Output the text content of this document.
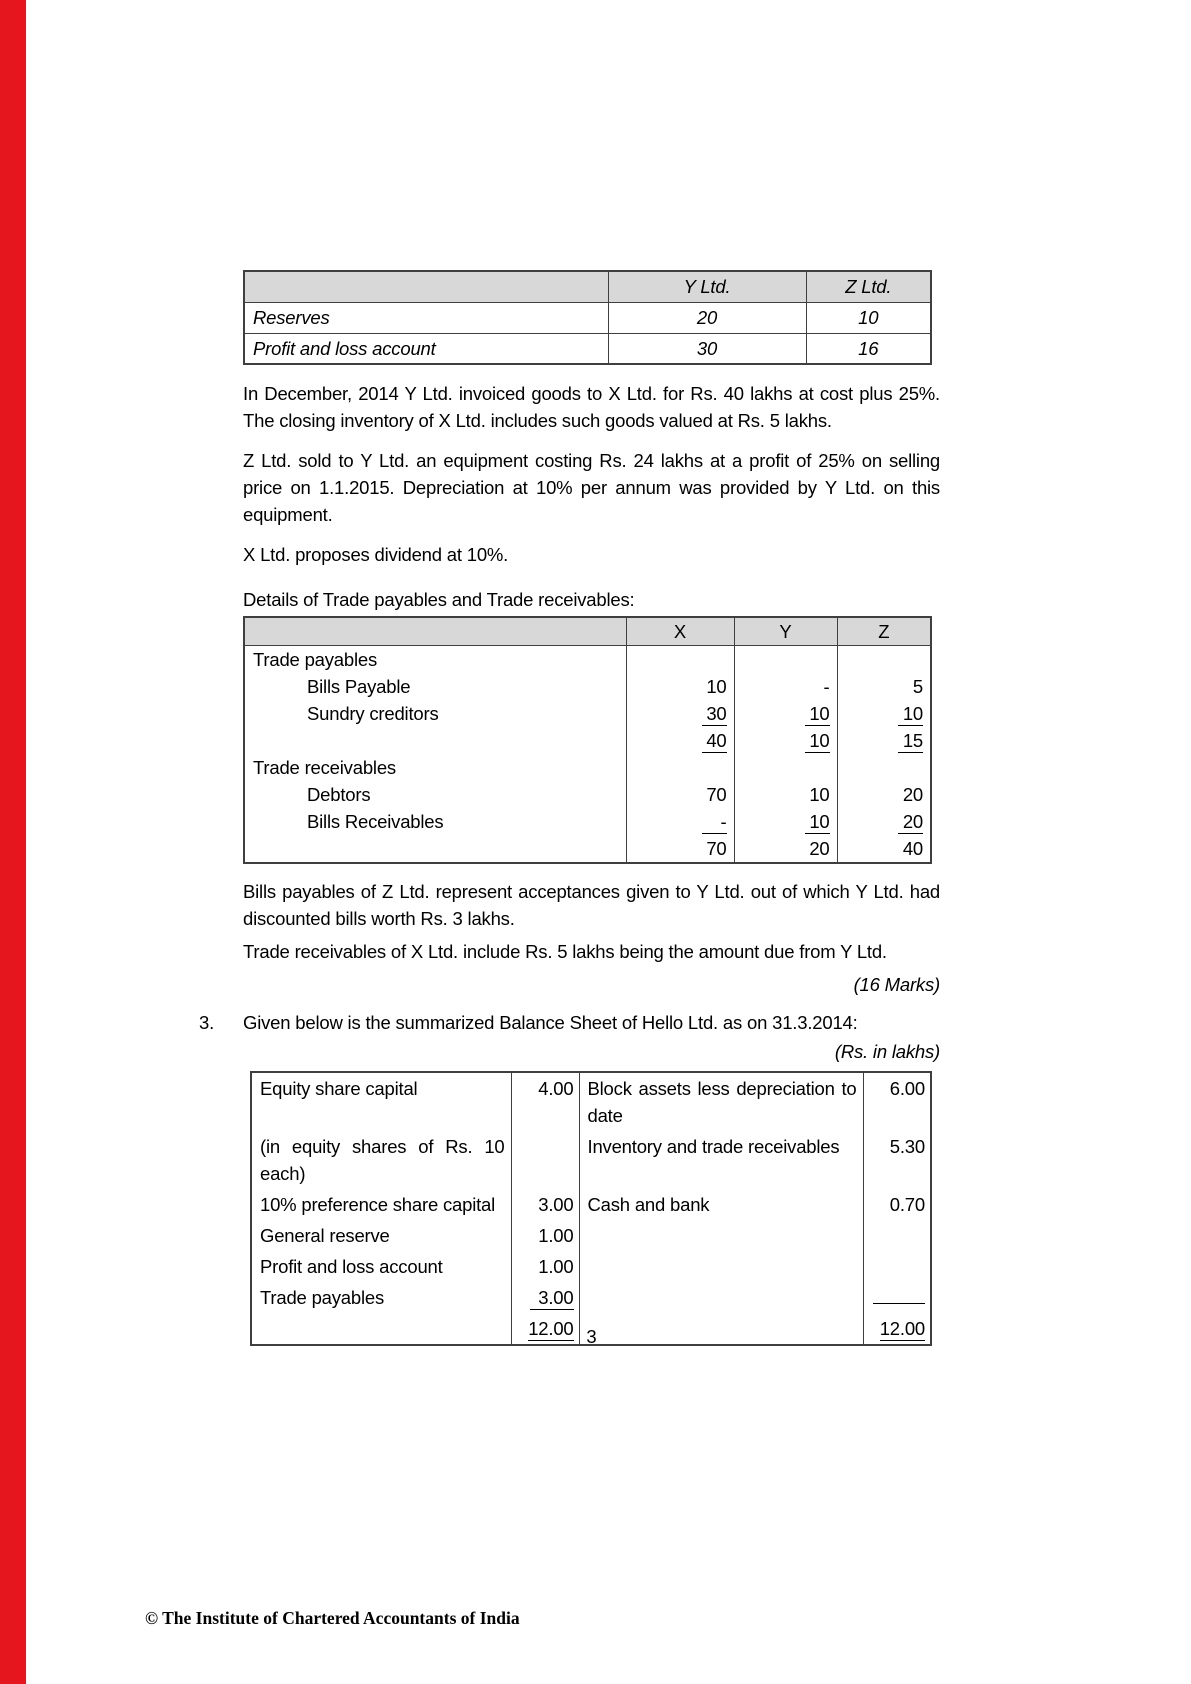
	Y Ltd.	Z Ltd.
Reserves	20	10
Profit and loss account	30	16

In December, 2014 Y Ltd. invoiced goods to X Ltd. for Rs. 40 lakhs at cost plus 25%. The closing inventory of X Ltd. includes such goods valued at Rs. 5 lakhs.

Z Ltd. sold to Y Ltd. an equipment costing Rs. 24 lakhs at a profit of 25% on selling price on 1.1.2015. Depreciation at 10% per annum was provided by Y Ltd. on this equipment.

X Ltd. proposes dividend at 10%.

Details of Trade payables and Trade receivables:

	X	Y	Z
Trade payables			
Bills Payable	10	-	5
Sundry creditors	30	10	10
	40	10	15
Trade receivables			
Debtors	70	10	20
Bills Receivables	-	10	20
	70	20	40

Bills payables of Z Ltd. represent acceptances given to Y Ltd. out of which Y Ltd. had discounted bills worth Rs. 3 lakhs.

Trade receivables of X Ltd. include Rs. 5 lakhs being the amount due from Y Ltd.

(16 Marks)

3. Given below is the summarized Balance Sheet of Hello Ltd. as on 31.3.2014:

(Rs. in lakhs)

Equity share capital	4.00	Block assets less depreciation to date	6.00
(in equity shares of Rs. 10 each)		Inventory and trade receivables	5.30
10% preference share capital	3.00	Cash and bank	0.70
General reserve	1.00		
Profit and loss account	1.00		
Trade payables	3.00		
	12.00		12.00
3
© The Institute of Chartered Accountants of India
